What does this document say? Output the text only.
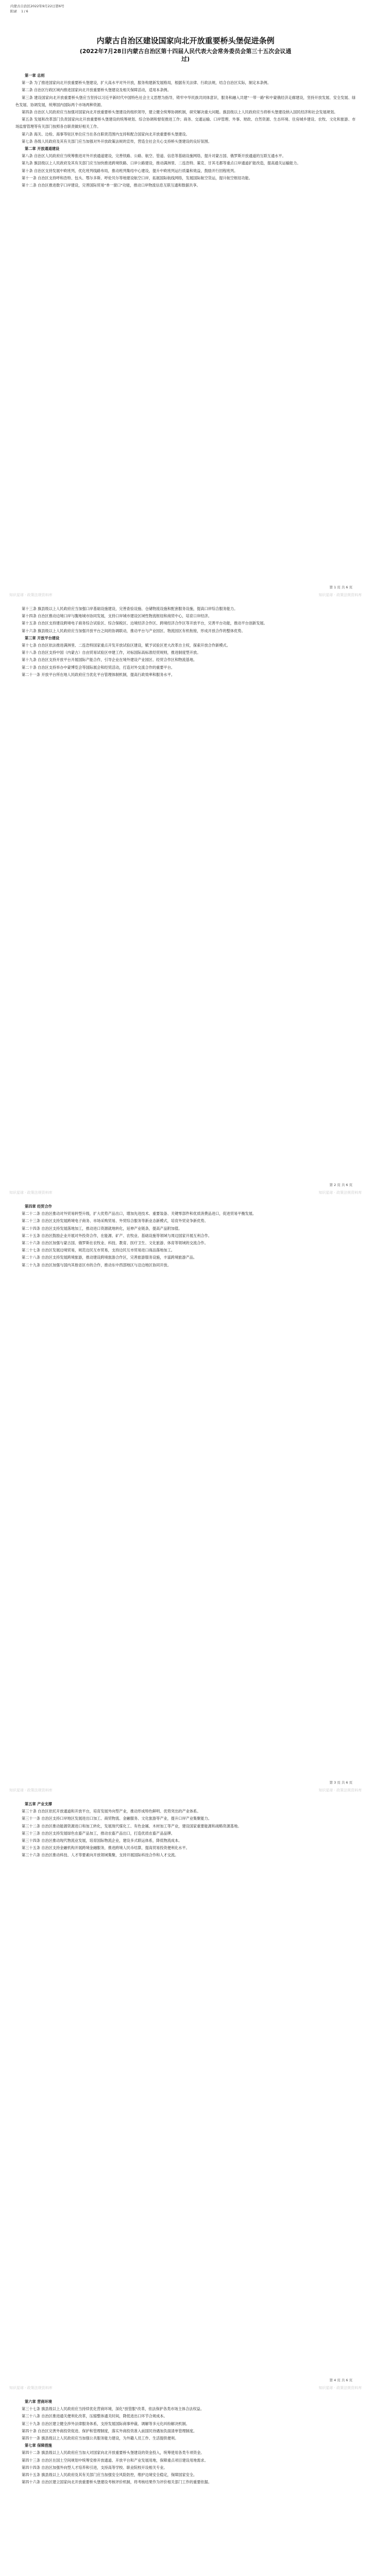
内蒙古自治区2022年9月22日第6号
附录 1 / 6
内蒙古自治区建设国家向北开放重要桥头堡促进条例
(2022年7月28日内蒙古自治区第十四届人民代表大会常务委员会第三十五次会议通过)

第一章 总则

第一条 为了推进国家向北开放重要桥头堡建设，扩大高水平对外开放，服务构建新发展格局，根据有关法律、行政法规，结合自治区实际，制定本条例。

第二条 自治区行政区域内推进国家向北开放重要桥头堡建设及相关保障活动，适用本条例。

第三条 建设国家向北开放重要桥头堡应当坚持以习近平新时代中国特色社会主义思想为指导，铸牢中华民族共同体意识，服务和融入共建"一带一路"和中蒙俄经济走廊建设，坚持开放发展、安全发展、绿色发展、协调发展，统筹国内国际两个市场两种资源。

第四条 自治区人民政府应当加强对国家向北开放重要桥头堡建设的组织领导，建立健全统筹协调机制，研究解决重大问题。旗县级以上人民政府应当将桥头堡建设纳入国民经济和社会发展规划。

第五条 发展和改革部门负责国家向北开放重要桥头堡建设的统筹规划、综合协调和督促推进工作；商务、交通运输、口岸管理、外事、财政、自然资源、生态环境、住房城乡建设、农牧、文化和旅游、市场监督管理等有关部门按照各自职责做好相关工作。

第六条 海关、边检、海事等驻区单位应当在各自职责范围内支持和配合国家向北开放重要桥头堡建设。

第七条 各级人民政府及其有关部门应当加强对外开放政策法规的宣传，营造全社会关心支持桥头堡建设的良好氛围。

第二章 开放通道建设

第八条 自治区人民政府应当统筹推进对外开放通道建设，完善铁路、公路、航空、管道、信息等基础设施网络，提升对蒙古国、俄罗斯开放通道的互联互通水平。

第九条 旗县级以上人民政府及其有关部门应当加快推进跨境铁路、口岸公路建设，推动满洲里、二连浩特、策克、甘其毛都等重点口岸通道扩能改造，提高通关运输能力。

第十条 自治区支持发展中欧班列，优化班列线路布局，推动班列集结中心建设，提升中欧班列运行质量和效益，鼓励开行回程班列。

第十一条 自治区支持呼和浩特、包头、鄂尔多斯、呼伦贝尔等地建设航空口岸，拓展国际航线网络，发展国际航空货运，提升航空枢纽功能。

第十二条 自治区推进数字口岸建设，完善国际贸易"单一窗口"功能，推动口岸物流信息互联互通和数据共享。

第 1 页 共 6 页

第十三条 旗县级以上人民政府应当加强口岸基础设施建设，完善查验设施、仓储物流设施和配套服务设施，提高口岸综合服务能力。

第十四条 自治区推动边境口岸与腹地城市协同发展，支持口岸城市建设区域性物流枢纽和商贸中心，培育口岸经济。

第十五条 自治区支持建设跨境电子商务综合试验区、综合保税区、边境经济合作区、跨境经济合作区等开放平台，完善平台功能，推动平台创新发展。

第十六条 旗县级以上人民政府应当加强开放平台之间的协调联动，推动平台与产业园区、物流园区有机衔接，形成开放合作的整体优势。

第三章 开放平台建设

第十七条 自治区依法推进满洲里、二连浩特国家重点开发开放试验区建设，赋予试验区更大改革自主权，探索开放合作新模式。

第十八条 自治区支持中国（内蒙古）自由贸易试验区申建工作，对标国际高标准经贸规则，推进制度型开放。

第十九条 自治区支持开放平台开展国际产能合作，引导企业在境外建设产业园区、经贸合作区和物流基地。

第二十条 自治区支持举办中蒙博览会等国际展会和经贸活动，打造对外交流合作的重要平台。

第二十一条 开放平台所在地人民政府应当优化平台管理体制机制，提高行政效率和服务水平。

第 2 页 共 6 页

第四章 经贸合作

第二十二条 自治区推动对外贸易转型升级，扩大优势产品出口，增加先进技术、重要装备、关键零部件和优质消费品进口，促进贸易平衡发展。

第二十三条 自治区支持发展跨境电子商务、市场采购贸易、外贸综合服务等新业态新模式，培育外贸竞争新优势。

第二十四条 自治区支持发展落地加工，推动进口资源就地转化，延伸产业链条，提高产品附加值。

第二十五条 自治区鼓励企业开展对外投资合作，在能源、矿产、农牧业、基础设施等领域与周边国家开展互利合作。

第二十六条 自治区加强与蒙古国、俄罗斯在农牧业、科技、教育、医疗卫生、文化旅游、体育等领域的交流合作。

第二十七条 自治区发展边境贸易，规范边民互市贸易，支持边民互市贸易进口商品落地加工。

第二十八条 自治区支持发展跨境旅游，推动建设跨境旅游合作区，完善旅游服务设施，丰富跨境旅游产品。

第二十九条 自治区加强与国内其他省区市的合作，推动东中西部地区与沿边地区协同开放。

第 3 页 共 6 页

第五章 产业支撑

第三十条 自治区依托开放通道和开放平台，培育发展外向型产业，推动形成特色鲜明、优势突出的产业体系。

第三十一条 自治区支持口岸地区发展进出口加工、商贸物流、金融服务、文化旅游等产业，提升口岸产业集聚能力。

第三十二条 自治区推动能源资源进口和加工转化，发展现代煤化工、有色金属、木材加工等产业，建设国家重要能源和战略资源基地。

第三十三条 自治区支持发展绿色农畜产品加工，推动农畜产品出口，打造优质农畜产品品牌。

第三十四条 自治区推动现代物流业发展，培育国际物流企业，建设多式联运体系，降低物流成本。

第三十五条 自治区支持金融机构开展跨境金融服务，推进跨境人民币结算，提高贸易投资便利化水平。

第三十六条 自治区推动科技、人才等要素向开放领域集聚，支持开展国际科技合作和人才交流。

第 4 页 共 6 页

第六章 营商环境

第三十七条 旗县级以上人民政府应当持续优化营商环境，深化"放管服"改革，依法保护各类市场主体合法权益。

第三十八条 自治区推进通关便利化改革，压缩整体通关时间，降低进出口环节合规成本。

第三十九条 自治区建立健全涉外法律服务体系，支持发展国际商事仲裁、调解等多元化纠纷解决机制。

第四十条 自治区完善外商投资促进、保护和管理制度，落实外商投资准入前国民待遇加负面清单管理制度。

第四十一条 旗县级以上人民政府应当加强公共服务能力建设，为外籍人员工作、生活提供便利。

第七章 保障措施

第四十二条 旗县级以上人民政府应当加大对国家向北开放重要桥头堡建设的资金投入，统筹使用各类专项资金。

第四十三条 自治区在国土空间规划中统筹安排开放通道、开放平台和产业发展用地，保障重点项目建设用地需求。

第四十四条 自治区加强外向型人才培养和引进，支持高等学校、职业院校开设相关专业。

第四十五条 旗县级以上人民政府及其有关部门应当加强安全风险防控，维护边境安全稳定，保障国家安全。

第四十六条 自治区建立国家向北开放重要桥头堡建设考核评价机制，将考核结果作为评价相关部门工作的重要依据。

知识星球 · 政策法规资料库	知识星球 · 政策法规资料库
知识星球 · 政策法规资料库	知识星球 · 政策法规资料库
知识星球 · 政策法规资料库	知识星球 · 政策法规资料库
知识星球 · 政策法规资料库	知识星球 · 政策法规资料库
